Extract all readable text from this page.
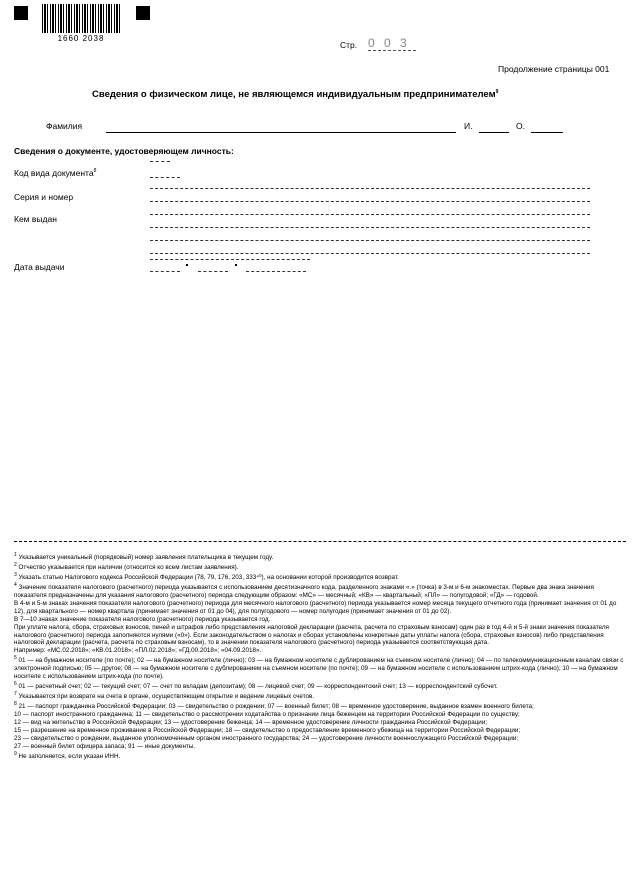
1660 2038
Стр. 0 0 3
Продолжение страницы 001
Сведения о физическом лице, не являющемся индивидуальным предпринимателем$^9$
Фамилия	И.	О.
Сведения о документе, удостоверяющем личность:
Код вида документа$^8$
Серия и номер
Кем выдан
Дата выдачи

$^1$ Указывается уникальный (порядковый) номер заявления плательщика в текущем году.

$^2$ Отчество указывается при наличии (относится ко всем листам заявления).

$^3$ Указать статью Налогового кодекса Российской Федерации (78, 79, 176, 203, 333⁴⁰), на основании которой производится возврат.

$^4$ Значение показателя налогового (расчетного) периода указывается с использованием десятизначного кода, разделенного знаками «.» (точка) в 3-м и 6-м знакоместах. Первые два знака значения показателя предназначены для указания налогового (расчетного) периода следующим образом: «МС» — месячный; «КВ» — квартальный; «ПЛ» — полугодовой; «ГД» — годовой.

В 4-м и 5-м знаках значения показателя налогового (расчетного) периода для месячного налогового (расчетного) периода указывается номер месяца текущего отчетного года (принимает значения от 01 до 12), для квартального — номер квартала (принимает значения от 01 до 04), для полугодового — номер полугодия (принимает значения от 01 до 02).

В 7—10 знаках значение показателя налогового (расчетного) периода указывается год.

При уплате налога, сбора, страховых взносов, пеней и штрафов либо представления налоговой декларации (расчета, расчета по страховым взносам) один раз в год 4-й и 5-й знаки значения показателя налогового (расчетного) периода заполняются нулями («0»). Если законодательством о налогах и сборах установлены конкретные даты уплаты налога (сбора, страховых взносов) либо представления налоговой декларации (расчета, расчета по страховым взносам), то в значении показателя налогового (расчетного) периода указывается соответствующая дата.

Например: «МС.02.2018»; «КВ.01.2018»; «ПЛ.02.2018»; «ГД.00.2018»; «04.09.2018».

$^5$ 01 — на бумажном носителе (по почте); 02 — на бумажном носителе (лично); 03 — на бумажном носителе с дублированием на съемном носителе (лично); 04 — по телекоммуникационным каналам связи с электронной подписью; 05 — другое; 08 — на бумажном носителе с дублированием на съемном носителе (по почте); 09 — на бумажном носителе с использованием штрих-кода (лично); 10 — на бумажном носителе с использованием штрих-кода (по почте).

$^6$ 01 — расчетный счет; 02 — текущий счет; 07 — счет по вкладам (депозитам); 08 — лицевой счет; 09 — корреспондентский счет; 13 — корреспондентский субсчет.

$^7$ Указывается при возврате на счета в органе, осуществляющем открытие и ведение лицевых счетов.

$^8$ 21 — паспорт гражданина Российской Федерации; 03 — свидетельство о рождении; 07 — военный билет; 08 — временное удостоверение, выданное взамен военного билета;

10 — паспорт иностранного гражданина; 11 — свидетельство о рассмотрении ходатайства о признании лица беженцем на территории Российской Федерации по существу;

12 — вид на жительство в Российской Федерации; 13 — удостоверение беженца; 14 — временное удостоверение личности гражданина Российской Федерации;

15 — разрешение на временное проживание в Российской Федерации; 18 — свидетельство о предоставлении временного убежища на территории Российской Федерации;

23 — свидетельство о рождении, выданное уполномоченным органом иностранного государства; 24 — удостоверение личности военнослужащего Российской Федерации;

27 — военный билет офицера запаса; 91 — иные документы.

$^9$ Не заполняется, если указан ИНН.
